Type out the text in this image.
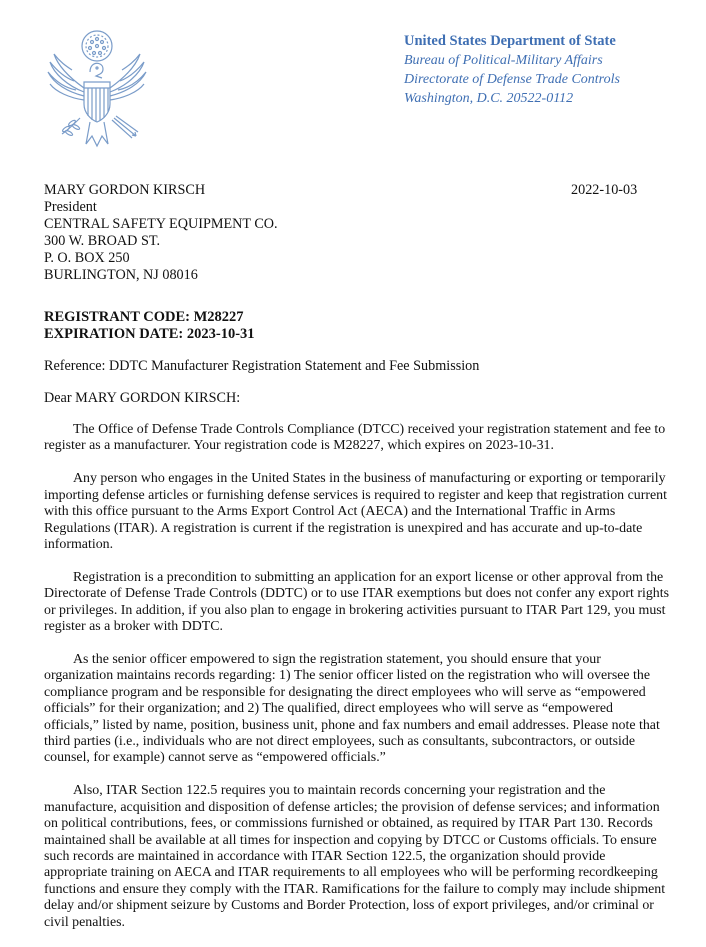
United States Department of State
Bureau of Political-Military Affairs
Directorate of Defense Trade Controls
Washington, D.C. 20522-0112
MARY GORDON KIRSCH
President
CENTRAL SAFETY EQUIPMENT CO.
300 W. BROAD ST.
P. O. BOX 250
BURLINGTON, NJ 08016
2022-10-03
REGISTRANT CODE: M28227
EXPIRATION DATE: 2023-10-31
Reference: DDTC Manufacturer Registration Statement and Fee Submission
Dear MARY GORDON KIRSCH:

The Office of Defense Trade Controls Compliance (DTCC) received your registration statement and fee to register as a manufacturer. Your registration code is M28227, which expires on 2023-10-31.

Any person who engages in the United States in the business of manufacturing or exporting or temporarily importing defense articles or furnishing defense services is required to register and keep that registration current with this office pursuant to the Arms Export Control Act (AECA) and the International Traffic in Arms Regulations (ITAR). A registration is current if the registration is unexpired and has accurate and up-to-date information.

Registration is a precondition to submitting an application for an export license or other approval from the Directorate of Defense Trade Controls (DDTC) or to use ITAR exemptions but does not confer any export rights or privileges. In addition, if you also plan to engage in brokering activities pursuant to ITAR Part 129, you must register as a broker with DDTC.

As the senior officer empowered to sign the registration statement, you should ensure that your organization maintains records regarding: 1) The senior officer listed on the registration who will oversee the compliance program and be responsible for designating the direct employees who will serve as “empowered officials” for their organization; and 2) The qualified, direct employees who will serve as “empowered officials,” listed by name, position, business unit, phone and fax numbers and email addresses. Please note that third parties (i.e., individuals who are not direct employees, such as consultants, subcontractors, or outside counsel, for example) cannot serve as “empowered officials.”

Also, ITAR Section 122.5 requires you to maintain records concerning your registration and the manufacture, acquisition and disposition of defense articles; the provision of defense services; and information on political contributions, fees, or commissions furnished or obtained, as required by ITAR Part 130. Records maintained shall be available at all times for inspection and copying by DTCC or Customs officials. To ensure such records are maintained in accordance with ITAR Section 122.5, the organization should provide appropriate training on AECA and ITAR requirements to all employees who will be performing recordkeeping functions and ensure they comply with the ITAR. Ramifications for the failure to comply may include shipment delay and/or shipment seizure by Customs and Border Protection, loss of export privileges, and/or criminal or civil penalties.
